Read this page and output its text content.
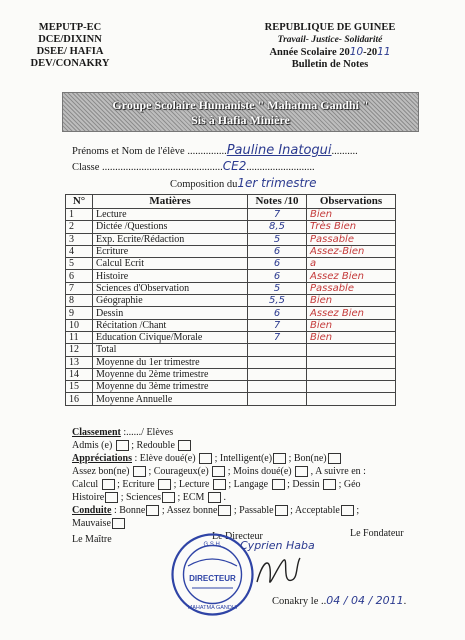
MEPUTP-EC
DCE/DIXINN
DSEE/ HAFIA
DEV/CONAKRY
REPUBLIQUE DE GUINEE
Travail- Justice- Solidarité
Année Scolaire 2010-2011
Bulletin de Notes
Groupe Scolaire Humaniste " Mahatma Gandhi "
Sis à Hafia Minière
Prénoms et Nom de l'élève ...............Pauline Inatogui..........
Classe ..............................................CE2..........................
Composition du1er trimestre
N°	Matières	Notes /10	Observations
1	Lecture	7	Bien
2	Dictée /Questions	8,5	Très Bien
3	Exp. Ecrite/Rédaction	5	Passable
4	Ecriture	6	Assez-Bien
5	Calcul Ecrit	6	a
6	Histoire	6	Assez Bien
7	Sciences d'Observation	5	Passable
8	Géographie	5,5	Bien
9	Dessin	6	Assez Bien
10	Récitation /Chant	7	Bien
11	Education Civique/Morale	7	Bien
12	Total		
13	Moyenne du 1er trimestre		
14	Moyenne du 2ème trimestre		
15	Moyenne du 3ème trimestre		
16	Moyenne Annuelle		
Classement :....../ Elèves
Admis (e) ; Redouble
Appréciations : Elève doué(e) ; Intelligent(e) ; Bon(ne)
Assez bon(ne) ; Courageux(e) ; Moins doué(e) , A suivre en :
Calcul ; Ecriture ; Lecture ; Langage ; Dessin ; Géo
Histoire ; Sciences ; ECM  .
Conduite : Bonne ; Assez bonne ; Passable ; Acceptable ;
Mauvaise
Le Maître	Le Directeur	Le Fondateur
DIRECTEUR
G.S.H.
MAHATMA GANDHI
Cyprien Haba
Conakry le ..04 / 04 / 2011.
